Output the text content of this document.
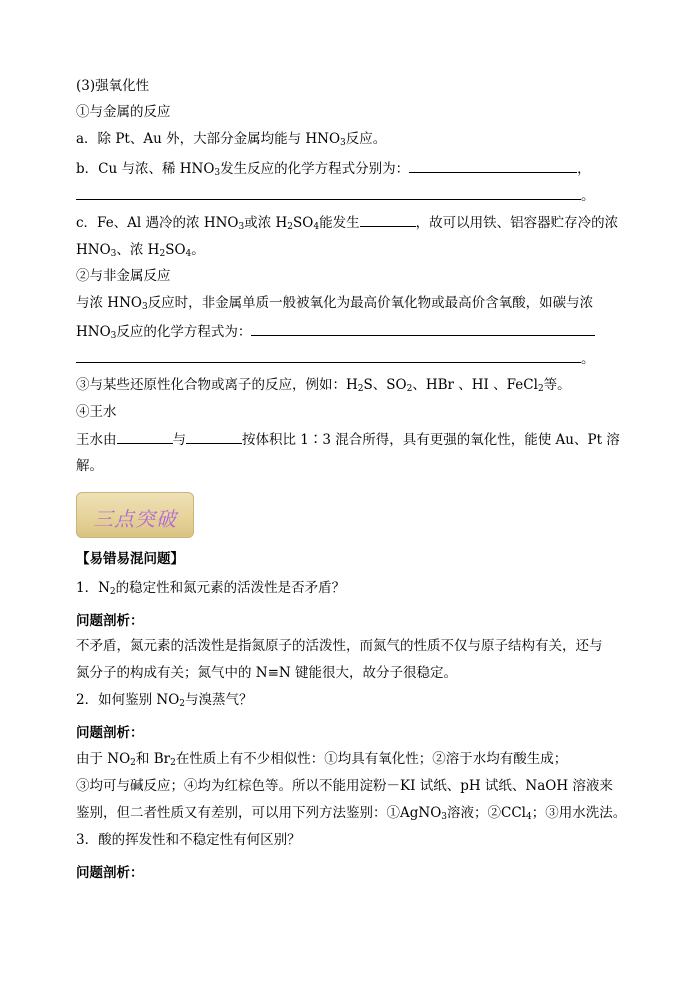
(3)强氧化性
①与金属的反应
a．除 Pt、Au 外，大部分金属均能与 $HNO_3$反应。
b．Cu 与浓、稀 $HNO_3$发生反应的化学方程式分别为：	，
。
c．Fe、Al 遇冷的浓 $HNO_3$或浓 $H_2SO_4$能发生	，故可以用铁、铝容器贮存冷的浓
$HNO_3$、浓 $H_2SO_4$。
②与非金属反应
与浓 $HNO_3$反应时，非金属单质一般被氧化为最高价氧化物或最高价含氧酸，如碳与浓
$HNO_3$反应的化学方程式为：
。
③与某些还原性化合物或离子的反应，例如：$H_2S$、$SO_2$、HBr 、HI 、FeCl$_2$等。
④王水
王水由	与	按体积比 1∶3 混合所得，具有更强的氧化性，能使 Au、Pt 溶
解。
三点突破
【易错易混问题】
1．$N_2$的稳定性和氮元素的活泼性是否矛盾？
问题剖析：
不矛盾，氮元素的活泼性是指氮原子的活泼性，而氮气的性质不仅与原子结构有关，还与
氮分子的构成有关；氮气中的 N≡N 键能很大，故分子很稳定。
2．如何鉴别 $NO_2$与溴蒸气？
问题剖析：
由于 $NO_2$和 $Br_2$在性质上有不少相似性：①均具有氧化性；②溶于水均有酸生成；
③均可与碱反应；④均为红棕色等。所以不能用淀粉－KI 试纸、pH 试纸、NaOH 溶液来
鉴别，但二者性质又有差别，可以用下列方法鉴别：①AgNO$_3$溶液；②CCl$_4$；③用水洗法。
3．酸的挥发性和不稳定性有何区别？
问题剖析：
